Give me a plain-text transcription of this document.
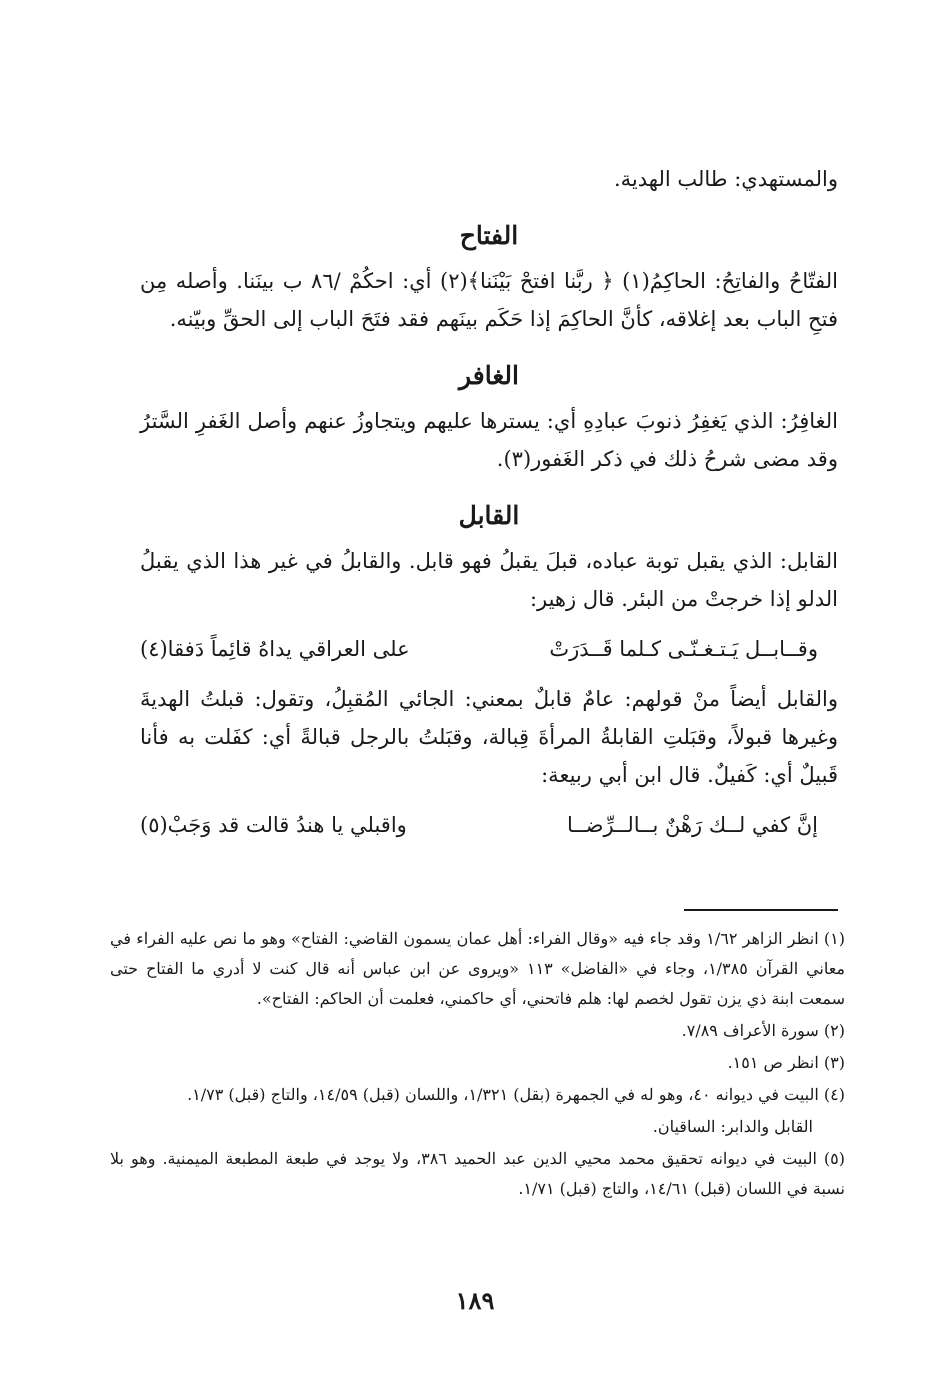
والمستهدي: طالب الهدية.

الفتاح

الفتّاحُ والفاتِحُ: الحاكِمُ(١) ﴿ ربَّنا افتحْ بَيْنَنا﴾(٢) أي: احكُمْ /٨٦ ب بينَنا. وأصله مِن فتحِ الباب بعد إغلاقه، كأنَّ الحاكِمَ إذا حَكَم بينَهم فقد فتَحَ الباب إلى الحقِّ وبيّنه.

الغافر

الغافِرُ: الذي يَغفِرُ ذنوبَ عبادِهِ أي: يسترها عليهم ويتجاوزُ عنهم وأصل الغَفرِ السَّترُ وقد مضى شرحُ ذلك في ذكر الغَفور(٣).

القابل

القابل: الذي يقبل توبة عباده، قبلَ يقبلُ فهو قابل. والقابلُ في غير هذا الذي يقبلُ الدلو إذا خرجتْ من البئر. قال زهير:

وقــابــل يَـتـغـنّـى كـلما قَــدَرَتْ
على العراقي يداهُ قائِماً دَفقا(٤)

والقابل أيضاً منْ قولهم: عامٌ قابلٌ بمعني: الجائي المُقبِلُ، وتقول: قبلتُ الهديةَ وغيرها قبولاً، وقبَلتِ القابلةُ المرأةَ قِبالة، وقبَلتُ بالرجل قبالةً أي: كفَلت به فأنا قَبيلٌ أي: كَفيلٌ. قال ابن أبي ربيعة:

إنَّ كفي لــك رَهْنٌ بــالــرِّضــا
واقبلي يا هندُ قالت قد وَجَبْ(٥)

(١) انظر الزاهر ١/٦٢ وقد جاء فيه «وقال الفراء: أهل عمان يسمون القاضي: الفتاح» وهو ما نص عليه الفراء في معاني القرآن ١/٣٨٥، وجاء في «الفاضل» ١١٣ «ويروى عن ابن عباس أنه قال كنت لا أدري ما الفتاح حتى سمعت ابنة ذي يزن تقول لخصم لها: هلم فاتحني، أي حاكمني، فعلمت أن الحاكم: الفتاح».

(٢) سورة الأعراف ٧/٨٩.

(٣) انظر ص ١٥١.

(٤) البيت في ديوانه ٤٠، وهو له في الجمهرة (بقل) ١/٣٢١، واللسان (قبل) ١٤/٥٩، والتاج (قبل) ١/٧٣.

القابل والدابر: الساقيان.

(٥) البيت في ديوانه تحقيق محمد محيي الدين عبد الحميد ٣٨٦، ولا يوجد في طبعة المطبعة الميمنية. وهو بلا نسبة في اللسان (قبل) ١٤/٦١، والتاج (قبل) ١/٧١.

١٨٩
